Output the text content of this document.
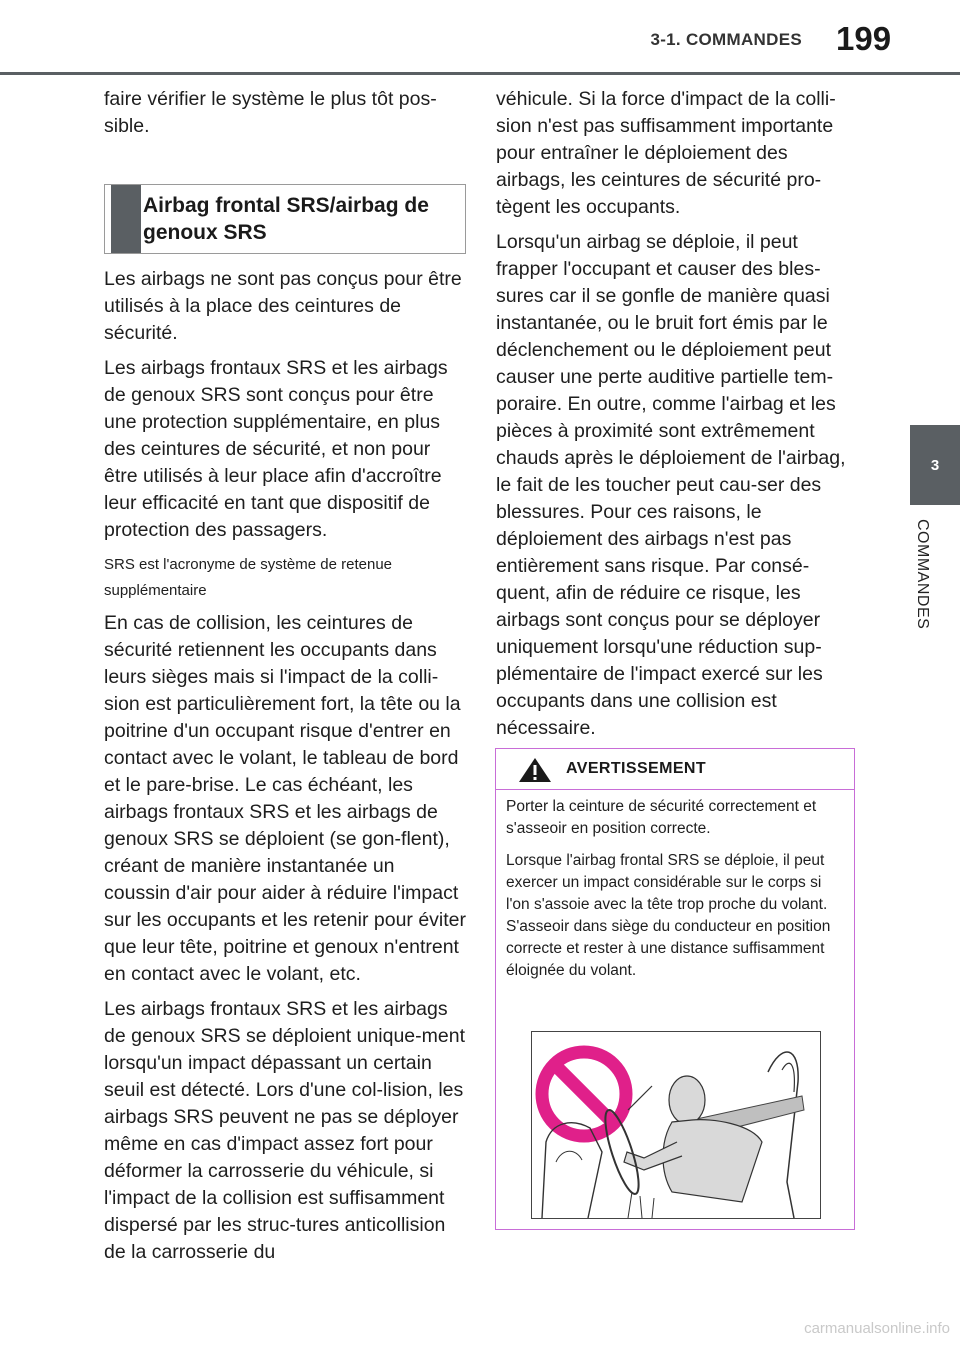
3-1. COMMANDES 199
3
COMMANDES

faire vérifier le système le plus tôt pos-sible.

Airbag frontal SRS/airbag de genoux SRS

Les airbags ne sont pas conçus pour être utilisés à la place des ceintures de sécurité.

Les airbags frontaux SRS et les airbags de genoux SRS sont conçus pour être une protection supplémentaire, en plus des ceintures de sécurité, et non pour être utilisés à leur place afin d'accroître leur efficacité en tant que dispositif de protection des passagers.

SRS est l'acronyme de système de retenue supplémentaire

En cas de collision, les ceintures de sécurité retiennent les occupants dans leurs sièges mais si l'impact de la colli-sion est particulièrement fort, la tête ou la poitrine d'un occupant risque d'entrer en contact avec le volant, le tableau de bord et le pare-brise. Le cas échéant, les airbags frontaux SRS et les airbags de genoux SRS se déploient (se gon-flent), créant de manière instantanée un coussin d'air pour aider à réduire l'impact sur les occupants et les retenir pour éviter que leur tête, poitrine et genoux n'entrent en contact avec le volant, etc.

Les airbags frontaux SRS et les airbags de genoux SRS se déploient unique-ment lorsqu'un impact dépassant un certain seuil est détecté. Lors d'une col-lision, les airbags SRS peuvent ne pas se déployer même en cas d'impact assez fort pour déformer la carrosserie du véhicule, si l'impact de la collision est suffisamment dispersé par les struc-tures anticollision de la carrosserie du

véhicule. Si la force d'impact de la colli-sion n'est pas suffisamment importante pour entraîner le déploiement des airbags, les ceintures de sécurité pro-tègent les occupants.

Lorsqu'un airbag se déploie, il peut frapper l'occupant et causer des bles-sures car il se gonfle de manière quasi instantanée, ou le bruit fort émis par le déclenchement ou le déploiement peut causer une perte auditive partielle tem-poraire. En outre, comme l'airbag et les pièces à proximité sont extrêmement chauds après le déploiement de l'airbag, le fait de les toucher peut cau-ser des blessures. Pour ces raisons, le déploiement des airbags n'est pas entièrement sans risque. Par consé-quent, afin de réduire ce risque, les airbags sont conçus pour se déployer uniquement lorsqu'une réduction sup-plémentaire de l'impact exercé sur les occupants dans une collision est nécessaire.

AVERTISSEMENT

Porter la ceinture de sécurité correctement et s'asseoir en position correcte.

Lorsque l'airbag frontal SRS se déploie, il peut exercer un impact considérable sur le corps si l'on s'assoie avec la tête trop proche du volant. S'asseoir dans siège du conducteur en position correcte et rester à une distance suffisamment éloignée du volant.

carmanualsonline.info
